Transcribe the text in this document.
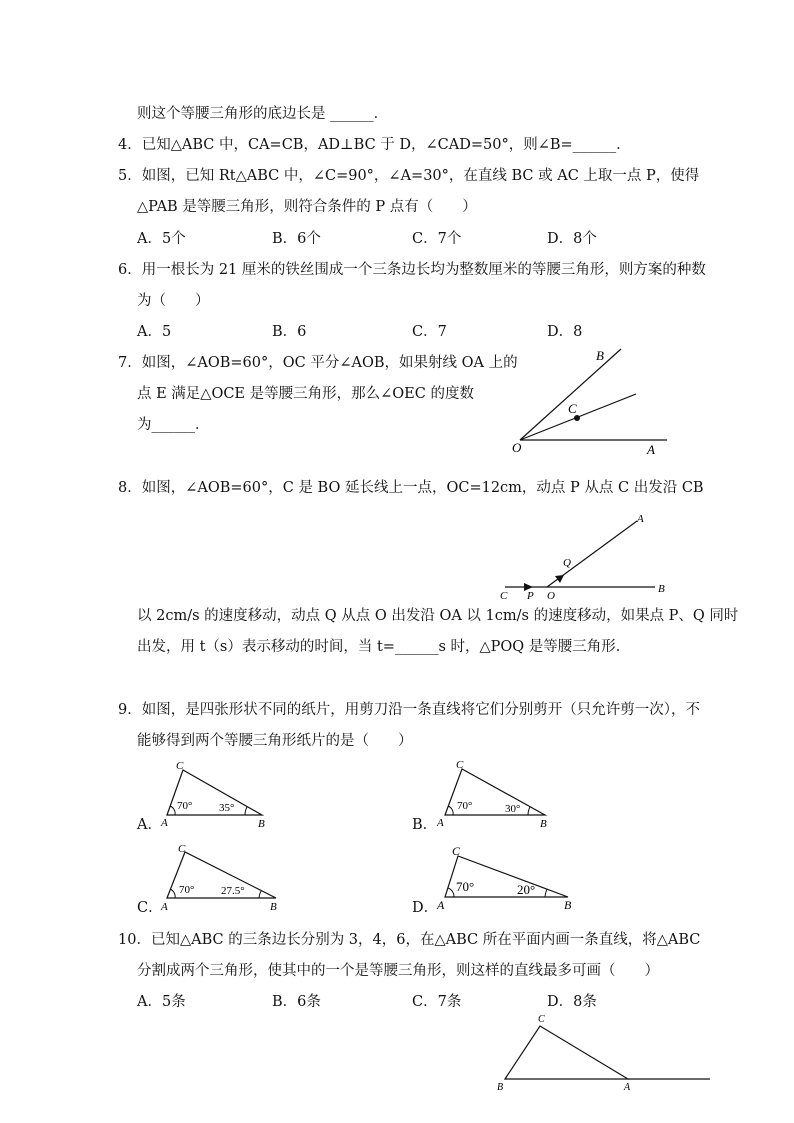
则这个等腰三角形的底边长是 ______．
4．已知△ABC 中，CA=CB，AD⊥BC 于 D，∠CAD=50°，则∠B=______．
5．如图，已知 Rt△ABC 中，∠C=90°，∠A=30°，在直线 BC 或 AC 上取一点 P，使得
△PAB 是等腰三角形，则符合条件的 P 点有（　　）
A．5个	B．6个	C．7个	D．8个
6．用一根长为 21 厘米的铁丝围成一个三条边长均为整数厘米的等腰三角形，则方案的种数
为（　　）
A．5	B．6	C．7	D．8
7．如图，∠AOB=60°，OC 平分∠AOB，如果射线 OA 上的
点 E 满足△OCE 是等腰三角形，那么∠OEC 的度数
为______．
B
C
O	A
8．如图，∠AOB=60°，C 是 BO 延长线上一点，OC=12cm，动点 P 从点 C 出发沿 CB
A
Q
B
C P O
以 2cm/s 的速度移动，动点 Q 从点 O 出发沿 OA 以 1cm/s 的速度移动，如果点 P、Q 同时
出发，用 t（s）表示移动的时间，当 t=______s 时，△POQ 是等腰三角形．
9．如图，是四张形状不同的纸片，用剪刀沿一条直线将它们分别剪开（只允许剪一次），不
能够得到两个等腰三角形纸片的是（　　）
A．	B．
C．	D．
70° 35°
C
A	B
70°	30°
C
A	B
70° 27.5°
C
A	B
70°	20°
C
A	B
10．已知△ABC 的三条边长分别为 3，4，6，在△ABC 所在平面内画一条直线，将△ABC
分割成两个三角形，使其中的一个是等腰三角形，则这样的直线最多可画（　　）
A．5条	B．6条	C．7条	D．8条
C
B	A
